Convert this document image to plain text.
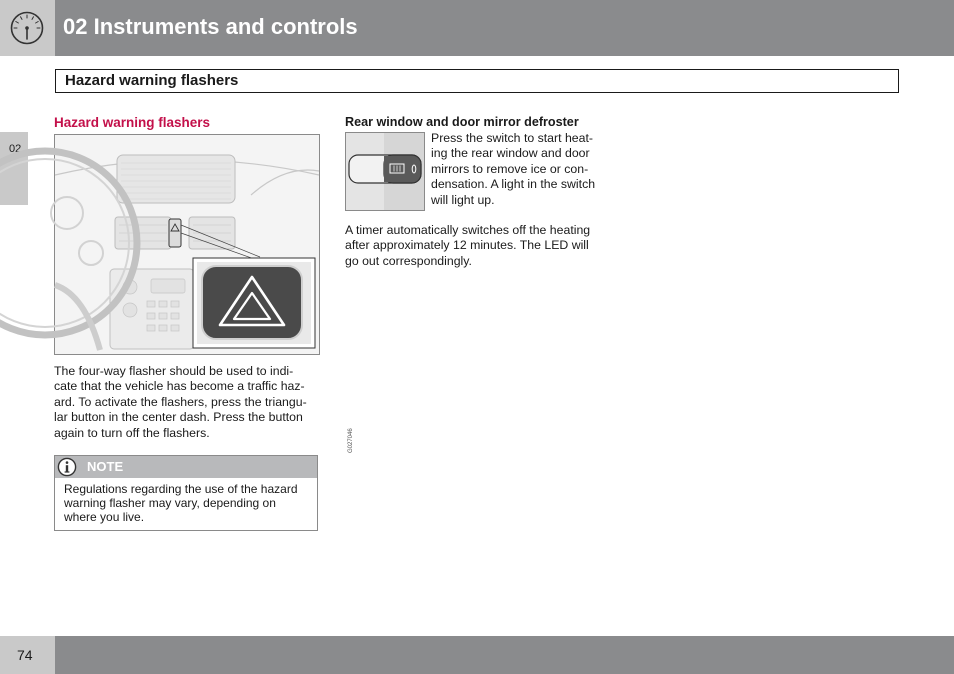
02 Instruments and controls
Hazard warning flashers
02
Hazard warning flashers
G027046

The four-way flasher should be used to indi-
cate that the vehicle has become a traffic haz-
ard. To activate the flashers, press the triangu-
lar button in the center dash. Press the button
again to turn off the flashers.

NOTE

Regulations regarding the use of the hazard
warning flasher may vary, depending on
where you live.

Rear window and door mirror defroster

Press the switch to start heat-
ing the rear window and door
mirrors to remove ice or con-
densation. A light in the switch
will light up.

A timer automatically switches off the heating
after approximately 12 minutes. The LED will
go out correspondingly.

74
